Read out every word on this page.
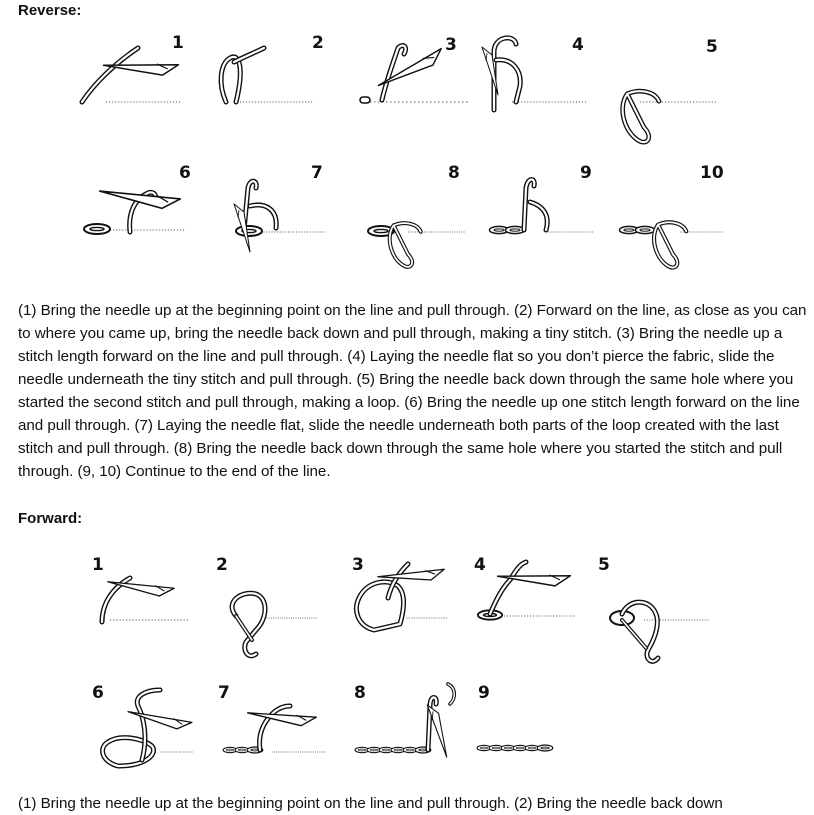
Reverse:

1	2	3	4	5

6	7	8	9	10

(1) Bring the needle up at the beginning point on the line and pull through. (2) Forward on the line, as close as you can to where you came up, bring the needle back down and pull through, making a tiny stitch. (3) Bring the needle up a stitch length forward on the line and pull through. (4) Laying the needle flat so you don’t pierce the fabric, slide the needle underneath the tiny stitch and pull through. (5) Bring the needle back down through the same hole where you started the second stitch and pull through, making a loop. (6) Bring the needle up one stitch length forward on the line and pull through. (7) Laying the needle flat, slide the needle underneath both parts of the loop created with the last stitch and pull through. (8) Bring the needle back down through the same hole where you started the stitch and pull through. (9, 10) Continue to the end of the line.

Forward:

1	2	3	4	5

6	7	8	9

(1) Bring the needle up at the beginning point on the line and pull through. (2) Bring the needle back down
